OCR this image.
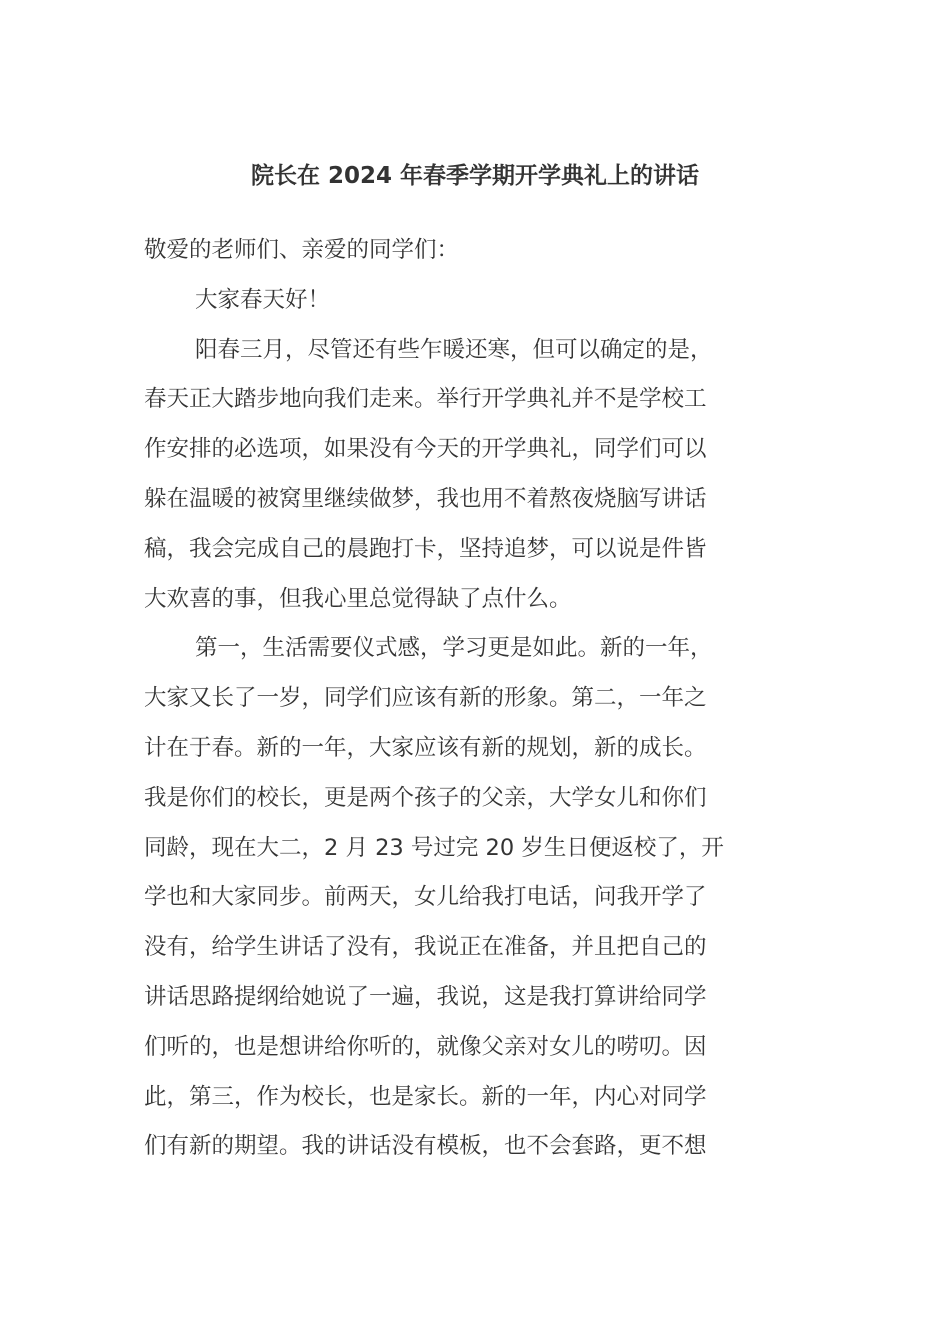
院长在 2024 年春季学期开学典礼上的讲话
敬爱的老师们、亲爱的同学们：
大家春天好！
阳春三月，尽管还有些乍暖还寒，但可以确定的是，
春天正大踏步地向我们走来。举行开学典礼并不是学校工
作安排的必选项，如果没有今天的开学典礼，同学们可以
躲在温暖的被窝里继续做梦，我也用不着熬夜烧脑写讲话
稿，我会完成自己的晨跑打卡，坚持追梦，可以说是件皆
大欢喜的事，但我心里总觉得缺了点什么。
第一，生活需要仪式感，学习更是如此。新的一年，
大家又长了一岁，同学们应该有新的形象。第二，一年之
计在于春。新的一年，大家应该有新的规划，新的成长。
我是你们的校长，更是两个孩子的父亲，大学女儿和你们
同龄，现在大二，2 月 23 号过完 20 岁生日便返校了，开
学也和大家同步。前两天，女儿给我打电话，问我开学了
没有，给学生讲话了没有，我说正在准备，并且把自己的
讲话思路提纲给她说了一遍，我说，这是我打算讲给同学
们听的，也是想讲给你听的，就像父亲对女儿的唠叨。因
此，第三，作为校长，也是家长。新的一年，内心对同学
们有新的期望。我的讲话没有模板，也不会套路，更不想
